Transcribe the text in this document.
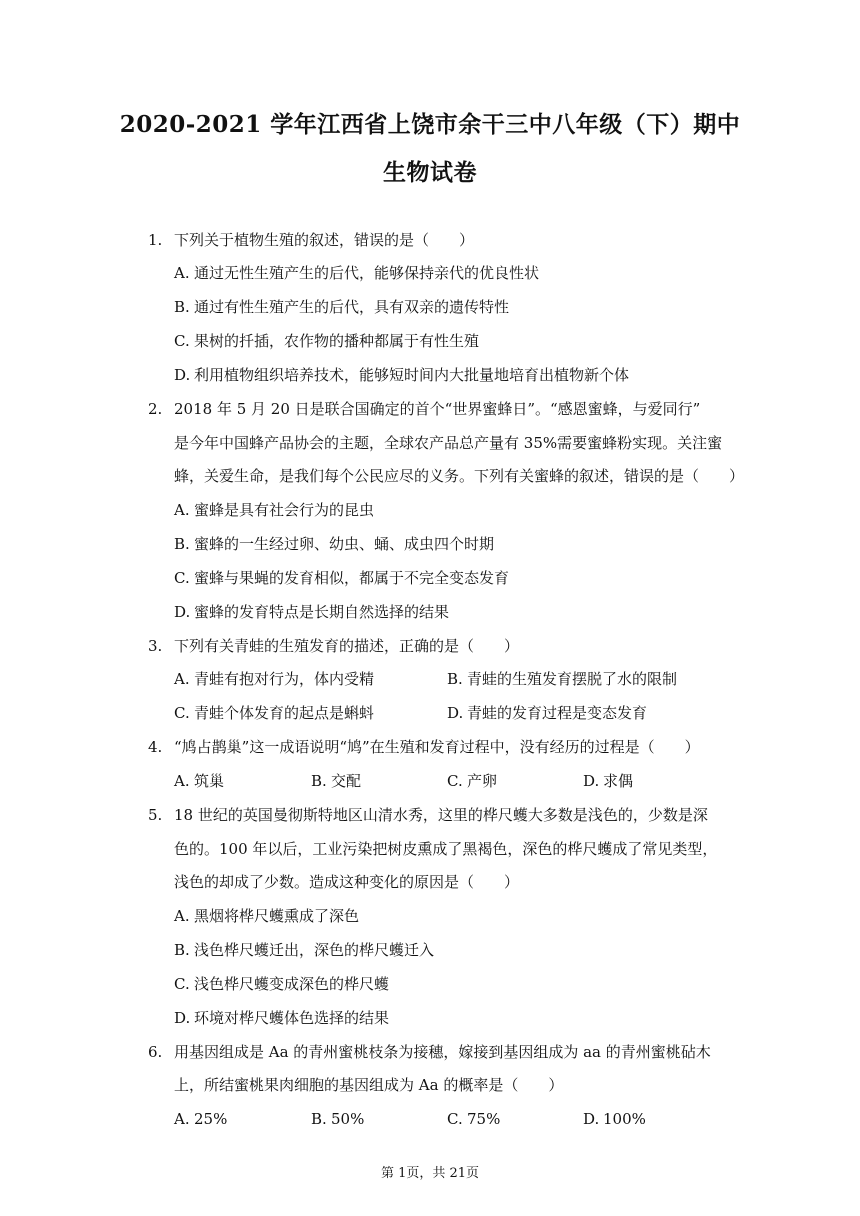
2020-2021 学年江西省上饶市余干三中八年级（下）期中
生物试卷
1. 下列关于植物生殖的叙述，错误的是（　　）
A. 通过无性生殖产生的后代，能够保持亲代的优良性状
B. 通过有性生殖产生的后代，具有双亲的遗传特性
C. 果树的扦插，农作物的播种都属于有性生殖
D. 利用植物组织培养技术，能够短时间内大批量地培育出植物新个体
2. 2018 年 5 月 20 日是联合国确定的首个“世界蜜蜂日”。“感恩蜜蜂，与爱同行”
是今年中国蜂产品协会的主题，全球农产品总产量有 35%需要蜜蜂粉实现。关注蜜
蜂，关爱生命，是我们每个公民应尽的义务。下列有关蜜蜂的叙述，错误的是（　　）
A. 蜜蜂是具有社会行为的昆虫
B. 蜜蜂的一生经过卵、幼虫、蛹、成虫四个时期
C. 蜜蜂与果蝇的发育相似，都属于不完全变态发育
D. 蜜蜂的发育特点是长期自然选择的结果
3. 下列有关青蛙的生殖发育的描述，正确的是（　　）
A. 青蛙有抱对行为，体内受精	B. 青蛙的生殖发育摆脱了水的限制
C. 青蛙个体发育的起点是蝌蚪	D. 青蛙的发育过程是变态发育
4. “鸠占鹊巢”这一成语说明“鸠”在生殖和发育过程中，没有经历的过程是（　　）
A. 筑巢	B. 交配	C. 产卵	D. 求偶
5. 18 世纪的英国曼彻斯特地区山清水秀，这里的桦尺蠖大多数是浅色的，少数是深
色的。100 年以后，工业污染把树皮熏成了黑褐色，深色的桦尺蠖成了常见类型，
浅色的却成了少数。造成这种变化的原因是（　　）
A. 黑烟将桦尺蠖熏成了深色
B. 浅色桦尺蠖迁出，深色的桦尺蠖迁入
C. 浅色桦尺蠖变成深色的桦尺蠖
D. 环境对桦尺蠖体色选择的结果
6. 用基因组成是 Aa 的青州蜜桃枝条为接穗，嫁接到基因组成为 aa 的青州蜜桃砧木
上，所结蜜桃果肉细胞的基因组成为 Aa 的概率是（　　）
A. 25%	B. 50%	C. 75%	D. 100%
第 1页，共 21页
